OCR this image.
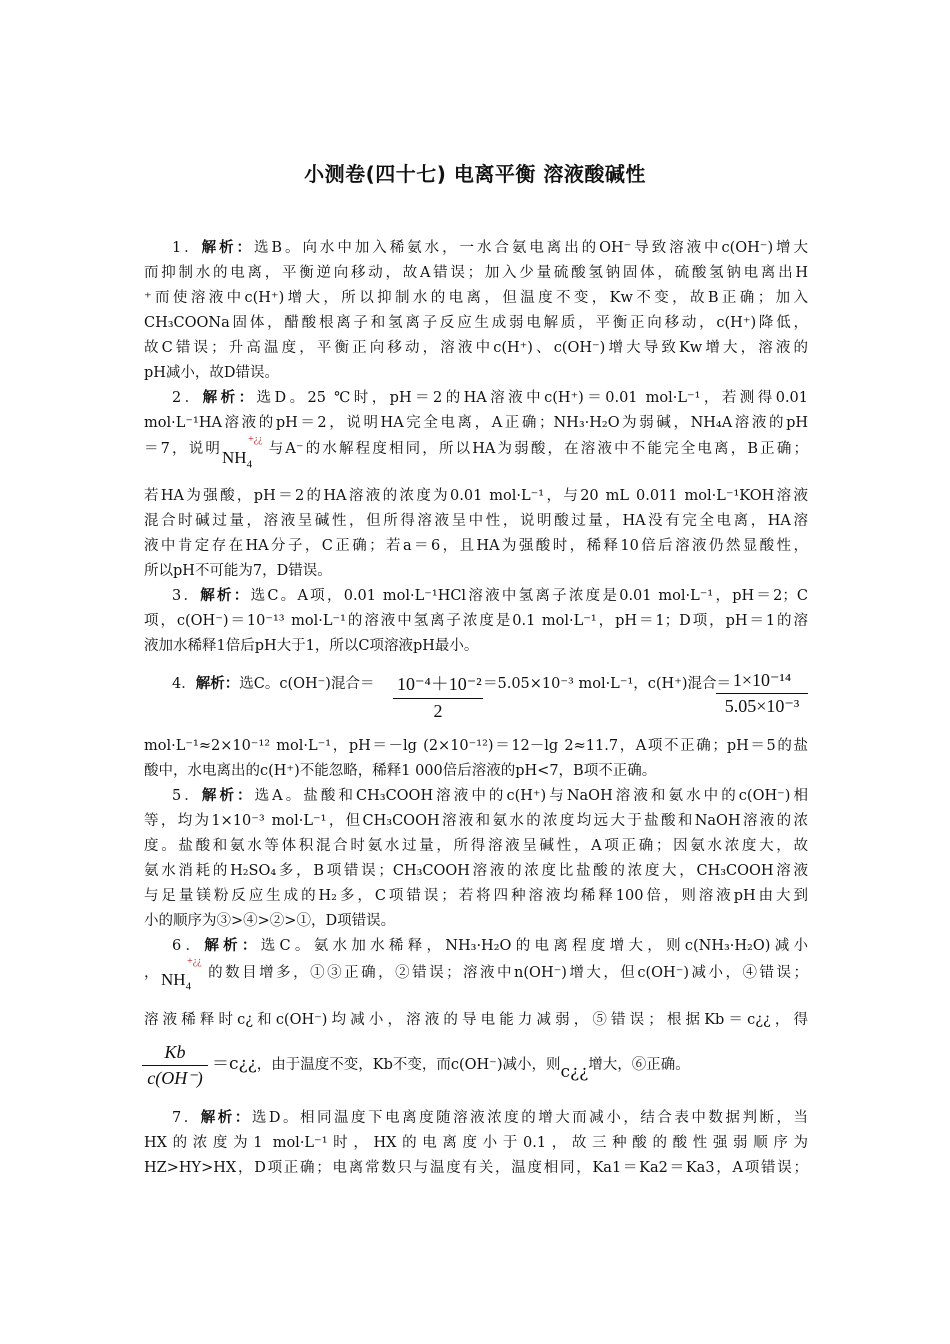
小测卷(四十七) 电离平衡 溶液酸碱性
1．解析：选B。向水中加入稀氨水，一水合氨电离出的OH⁻导致溶液中c(OH⁻)增大
而抑制水的电离，平衡逆向移动，故A错误；加入少量硫酸氢钠固体，硫酸氢钠电离出H
⁺而使溶液中c(H⁺)增大，所以抑制水的电离，但温度不变，Kw不变，故B正确；加入
CH₃COONa固体，醋酸根离子和氢离子反应生成弱电解质，平衡正向移动，c(H⁺)降低，
故C错误；升高温度，平衡正向移动，溶液中c(H⁺)、c(OH⁻)增大导致Kw增大，溶液的
pH减小，故D错误。
2．解析：选D。25 ℃时，pH＝2的HA溶液中c(H⁺)＝0.01 mol·L⁻¹，若测得0.01
mol·L⁻¹HA溶液的pH＝2，说明HA完全电离，A正确；NH₃·H₂O为弱碱，NH₄A溶液的pH
＝7，说明$NH_4^{+¿¿}$与A⁻的水解程度相同，所以HA为弱酸，在溶液中不能完全电离，B正确；
若HA为强酸，pH＝2的HA溶液的浓度为0.01 mol·L⁻¹，与20 mL 0.011 mol·L⁻¹KOH溶液
混合时碱过量，溶液呈碱性，但所得溶液呈中性，说明酸过量，HA没有完全电离，HA溶
液中肯定存在HA分子，C正确；若a＝6，且HA为强酸时，稀释10倍后溶液仍然显酸性，
所以pH不可能为7，D错误。
3．解析：选C。A项，0.01 mol·L⁻¹HCl溶液中氢离子浓度是0.01 mol·L⁻¹，pH＝2；C
项，c(OH⁻)＝10⁻¹³ mol·L⁻¹的溶液中氢离子浓度是0.1 mol·L⁻¹，pH＝1；D项，pH＝1的溶
液加水稀释1倍后pH大于1，所以C项溶液pH最小。
4．解析：选C。c(OH⁻)混合＝ $\frac{\text{10⁻⁴＋10⁻²}}{2} =5.05\times 10^{-3}$ mol·L⁻¹，c(H⁺)混合＝
$\frac{\text{1×10⁻¹⁴}}{\text{5.05×10⁻³}}$
mol·L⁻¹≈2×10⁻¹² mol·L⁻¹，pH＝－lg (2×10⁻¹²)＝12－lg 2≈11.7，A项不正确；pH＝5的盐
酸中，水电离出的c(H⁺)不能忽略，稀释1 000倍后溶液的pH<7，B项不正确。
5．解析：选A。盐酸和CH₃COOH溶液中的c(H⁺)与NaOH溶液和氨水中的c(OH⁻)相
等，均为1×10⁻³ mol·L⁻¹，但CH₃COOH溶液和氨水的浓度均远大于盐酸和NaOH溶液的浓
度。盐酸和氨水等体积混合时氨水过量，所得溶液呈碱性，A项正确；因氨水浓度大，故
氨水消耗的H₂SO₄多，B项错误；CH₃COOH溶液的浓度比盐酸的浓度大，CH₃COOH溶液
与足量镁粉反应生成的H₂多，C项错误；若将四种溶液均稀释100倍，则溶液pH由大到
小的顺序为③>④>②>①，D项错误。
6．解析：选C。氨水加水稀释，NH₃·H₂O的电离程度增大，则c(NH₃·H₂O)减小
，$NH_4^{+¿¿}$的数目增多，①③正确，②错误；溶液中n(OH⁻)增大，但c(OH⁻)减小，④错误；
溶液稀释时c¿和c(OH⁻)均减小，溶液的导电能力减弱，⑤错误；根据Kb＝c¿¿，得
$\frac{Kb}{c(OH^-)}$ ＝c¿¿，由于温度不变，Kb不变，而c(OH⁻)减小，则c¿¿增大，⑥正确。
7．解析：选D。相同温度下电离度随溶液浓度的增大而减小，结合表中数据判断，当
HX的浓度为1 mol·L⁻¹时，HX的电离度小于0.1，故三种酸的酸性强弱顺序为
HZ>HY>HX，D项正确；电离常数只与温度有关，温度相同，Ka1＝Ka2＝Ka3，A项错误；
